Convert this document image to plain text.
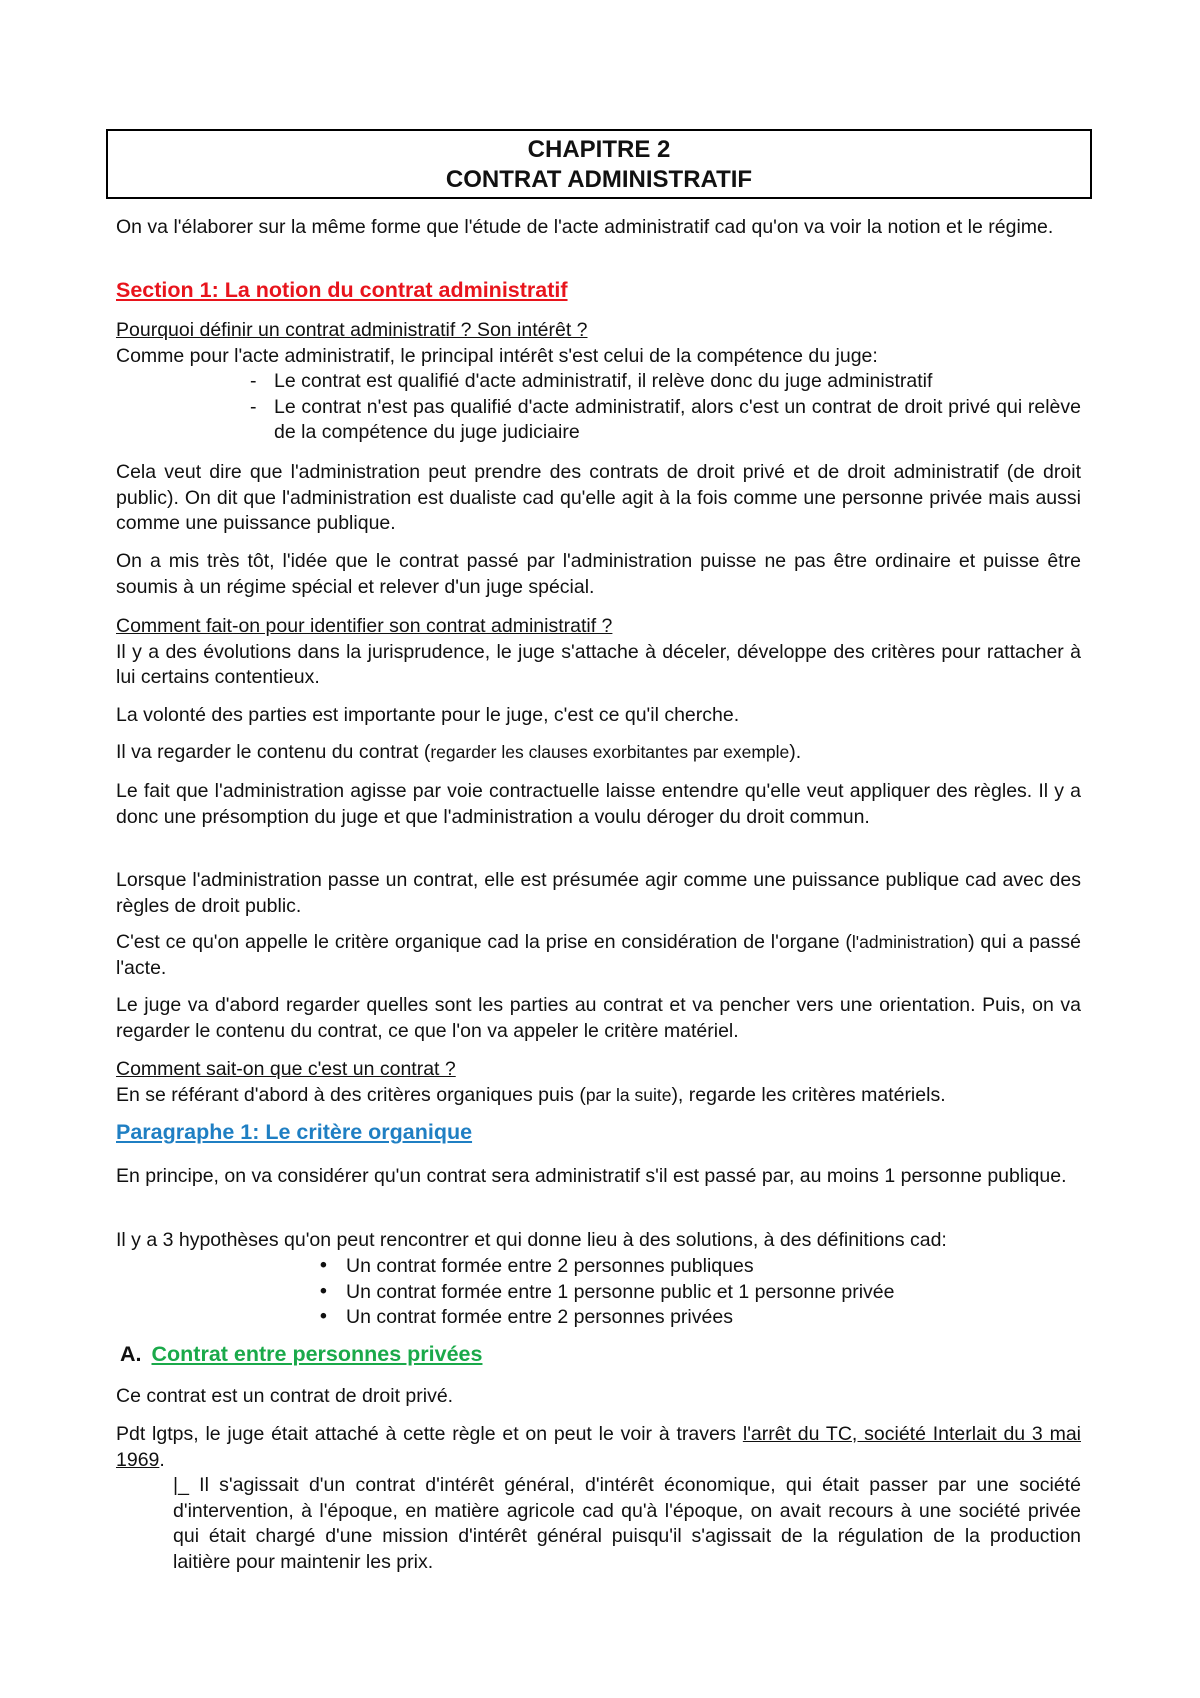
CHAPITRE 2
CONTRAT ADMINISTRATIF

On va l'élaborer sur la même forme que l'étude de l'acte administratif cad qu'on va voir la notion et le régime.

Section 1: La notion du contrat administratif

Pourquoi définir un contrat administratif ? Son intérêt ?

Comme pour l'acte administratif, le principal intérêt s'est celui de la compétence du juge:

- Le contrat est qualifié d'acte administratif, il relève donc du juge administratif
- Le contrat n'est pas qualifié d'acte administratif, alors c'est un contrat de droit privé qui relève de la compétence du juge judiciaire

Cela veut dire que l'administration peut prendre des contrats de droit privé et de droit administratif (de droit public). On dit que l'administration est dualiste cad qu'elle agit à la fois comme une personne privée mais aussi comme une puissance publique.

On a mis très tôt, l'idée que le contrat passé par l'administration puisse ne pas être ordinaire et puisse être soumis à un régime spécial et relever d'un juge spécial.

Comment fait-on pour identifier son contrat administratif ?

Il y a des évolutions dans la jurisprudence, le juge s'attache à déceler, développe des critères pour rattacher à lui certains contentieux.

La volonté des parties est importante pour le juge, c'est ce qu'il cherche.

Il va regarder le contenu du contrat (regarder les clauses exorbitantes par exemple).

Le fait que l'administration agisse par voie contractuelle laisse entendre qu'elle veut appliquer des règles. Il y a donc une présomption du juge et que l'administration a voulu déroger du droit commun.

Lorsque l'administration passe un contrat, elle est présumée agir comme une puissance publique cad avec des règles de droit public.

C'est ce qu'on appelle le critère organique cad la prise en considération de l'organe (l'administration) qui a passé l'acte.

Le juge va d'abord regarder quelles sont les parties au contrat et va pencher vers une orientation. Puis, on va regarder le contenu du contrat, ce que l'on va appeler le critère matériel.

Comment sait-on que c'est un contrat ?

En se référant d'abord à des critères organiques puis (par la suite), regarde les critères matériels.

Paragraphe 1: Le critère organique

En principe, on va considérer qu'un contrat sera administratif s'il est passé par, au moins 1 personne publique.

Il y a 3 hypothèses qu'on peut rencontrer et qui donne lieu à des solutions, à des définitions cad:

• Un contrat formée entre 2 personnes publiques
• Un contrat formée entre 1 personne public et 1 personne privée
• Un contrat formée entre 2 personnes privées

A. Contrat entre personnes privées

Ce contrat est un contrat de droit privé.

Pdt lgtps, le juge était attaché à cette règle et on peut le voir à travers l'arrêt du TC, société Interlait du 3 mai 1969.

|_ Il s'agissait d'un contrat d'intérêt général, d'intérêt économique, qui était passer par une société d'intervention, à l'époque, en matière agricole cad qu'à l'époque, on avait recours à une société privée qui était chargé d'une mission d'intérêt général puisqu'il s'agissait de la régulation de la production laitière pour maintenir les prix.
